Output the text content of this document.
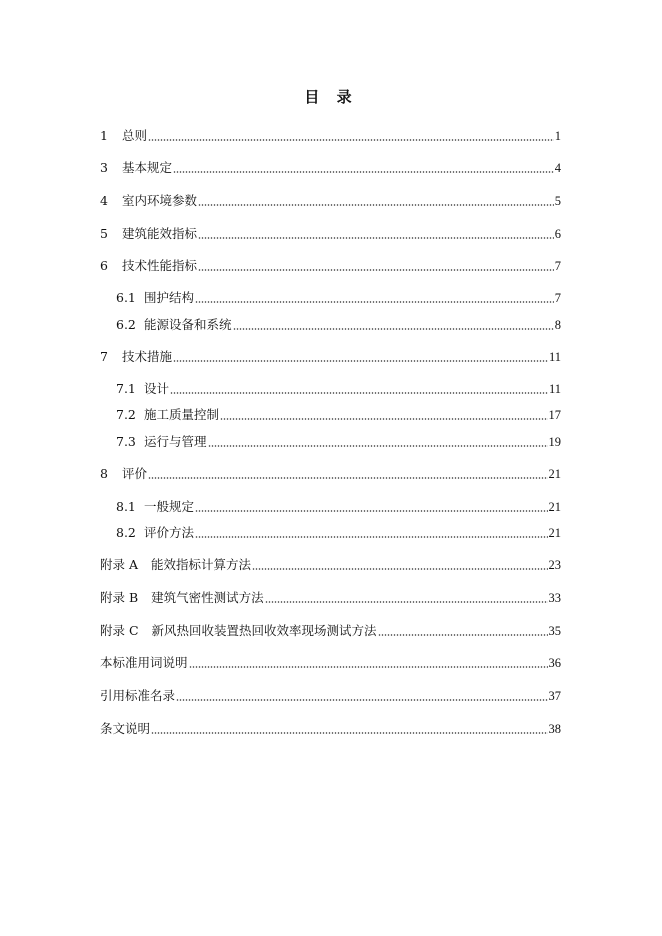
目 录
1	总则	1
3	基本规定	4
4	室内环境参数	5
5	建筑能效指标	6
6	技术性能指标	7
6.1 围护结构	7
6.2 能源设备和系统	8
7	技术措施	11
7.1 设计	11
7.2 施工质量控制	17
7.3 运行与管理	19
8	评价	21
8.1 一般规定	21
8.2 评价方法	21
附录 A	能效指标计算方法	23
附录 B	建筑气密性测试方法	33
附录 C	新风热回收装置热回收效率现场测试方法	35
本标准用词说明	36
引用标准名录	37
条文说明	38
